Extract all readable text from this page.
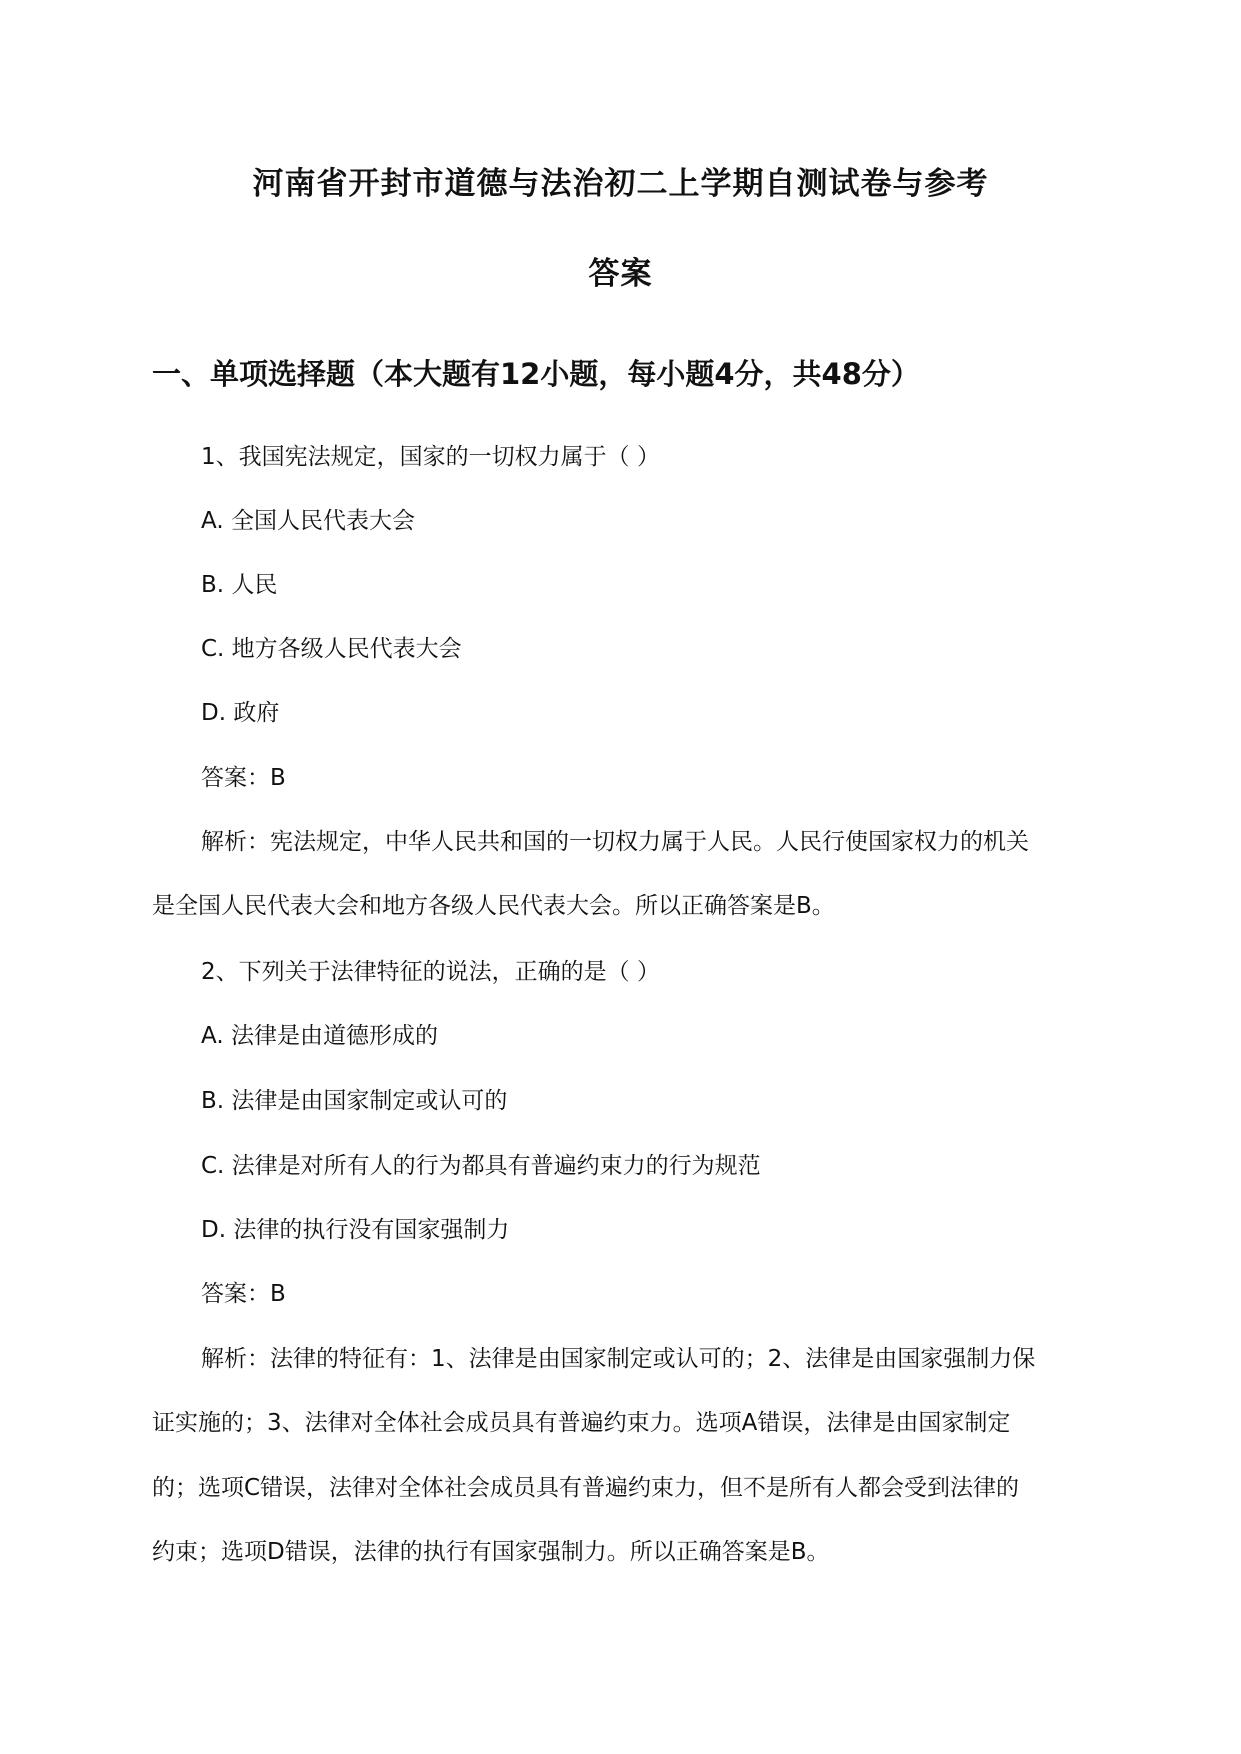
河南省开封市道德与法治初二上学期自测试卷与参考
答案
一、单项选择题（本大题有12小题，每小题4分，共48分）
1、我国宪法规定，国家的一切权力属于（ ）
A. 全国人民代表大会
B. 人民
C. 地方各级人民代表大会
D. 政府
答案：B
解析：宪法规定，中华人民共和国的一切权力属于人民。人民行使国家权力的机关
是全国人民代表大会和地方各级人民代表大会。所以正确答案是B。
2、下列关于法律特征的说法，正确的是（ ）
A. 法律是由道德形成的
B. 法律是由国家制定或认可的
C. 法律是对所有人的行为都具有普遍约束力的行为规范
D. 法律的执行没有国家强制力
答案：B
解析：法律的特征有：1、法律是由国家制定或认可的；2、法律是由国家强制力保
证实施的；3、法律对全体社会成员具有普遍约束力。选项A错误，法律是由国家制定
的；选项C错误，法律对全体社会成员具有普遍约束力，但不是所有人都会受到法律的
约束；选项D错误，法律的执行有国家强制力。所以正确答案是B。
